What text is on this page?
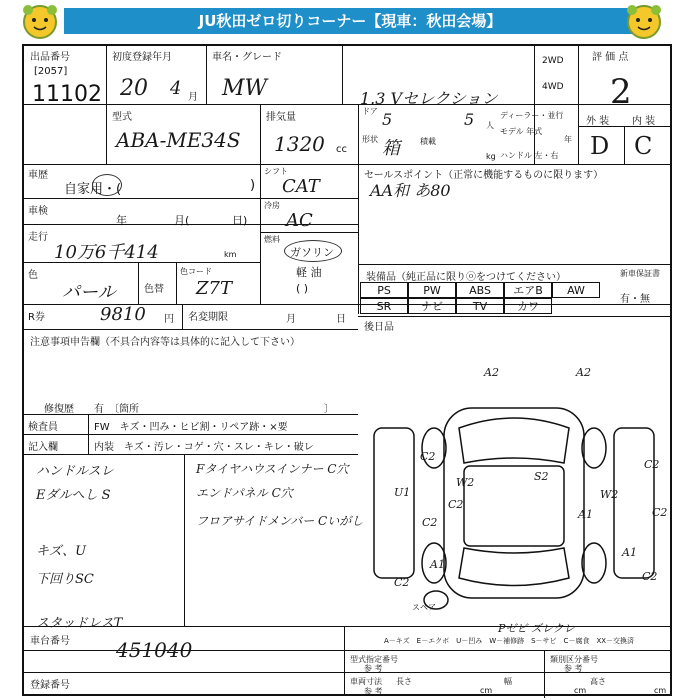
JU秋田ゼロ切りコーナー【現車：秋田会場】
出品番号
[2057]
11102
初度登録年月
20 4 月
車名・グレード
MW	1.3 Vセレクション
2WD
4WD
評 価 点
2
型式
ABA-ME34S
排気量
1320 cc
ドア 5	5 人
形状 箱	積載
kg
ディーラー・並行
モデル 年式
年
ハンドル 左・右
外 装 内 装
D C
車歴
自家用・(	)
車検
年	月(	日)
走行
10万6千414	km
色
パール	色替
色コード
Z7T
シフト
CAT
冷房
AC
燃料
ガソリン
軽 油
( )
R券	9810 円 名変期限	月	日
セールスポイント（正常に機能するものに限ります）
AA和 あ80
装備品（純正品に限りⓞをつけてください）	新車保証書
有・無
PS	PW	ABS	エアB	AW
SR	ナビ	TV	カワ
後日品
注意事項申告欄（不具合内容等は具体的に記入して下さい）
修復歴　　有　〔箇所	〕
検査員
記入欄
FW　キズ・凹み・ヒビ割・リペア跡・×要
内装　キズ・汚レ・コゲ・穴・スレ・キレ・破レ
ハンドルスレ
Eダルへし S
キズ、U
下回りSC
スタッドレスT
Fタイヤハウスインナー C穴
エンドパネル C穴
フロアサイドメンバー Cいがし
A2	A2
C2
W2	S2
C2
U1
C2
C2
W2
A1	C2
C2	C2
A1
A1
Pゼビ ズレクレ
スペア
A－キズ　E－エクボ　U－凹み　W－補修跡　S－サビ　C－腐食　XX－交換済
車台番号 451040
登録番号
型式指定番号
参 考
類別区分番号
参 考
車両寸法
参 考
長さ
cm
幅
cm
高さ
cm
